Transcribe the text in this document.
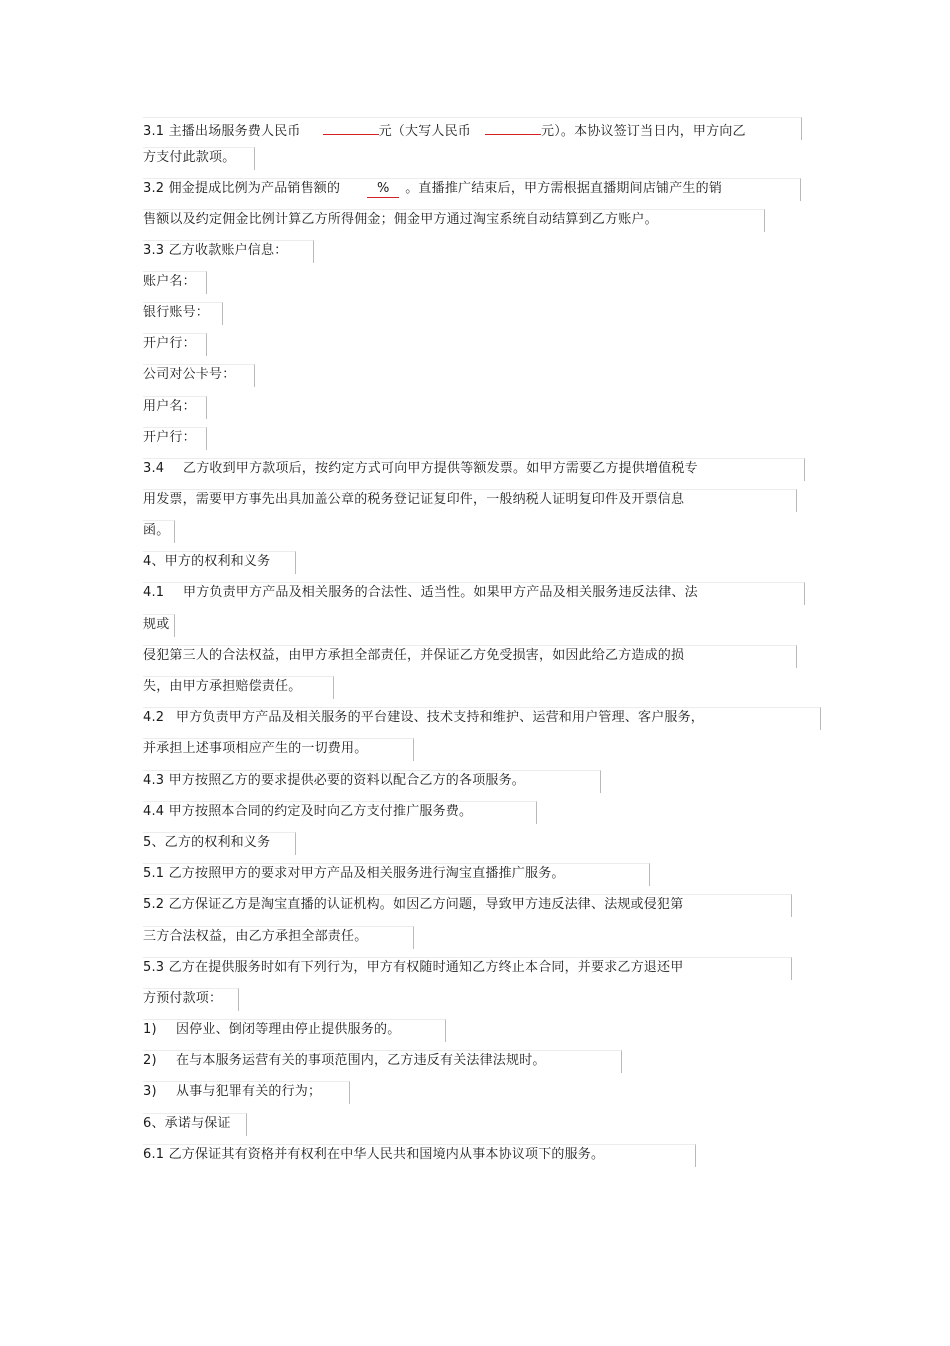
3.1 主播出场服务费人民币	元（大写人民币	元）。本协议签订当日内，甲方向乙
方支付此款项。
3.2 佣金提成比例为产品销售额的	% 。直播推广结束后，甲方需根据直播期间店铺产生的销
售额以及约定佣金比例计算乙方所得佣金；佣金甲方通过淘宝系统自动结算到乙方账户。
3.3 乙方收款账户信息：
账户名：
银行账号：
开户行：
公司对公卡号：
用户名：
开户行：
3.4 乙方收到甲方款项后，按约定方式可向甲方提供等额发票。如甲方需要乙方提供增值税专
用发票，需要甲方事先出具加盖公章的税务登记证复印件，一般纳税人证明复印件及开票信息
函。
4、甲方的权利和义务
4.1 甲方负责甲方产品及相关服务的合法性、适当性。如果甲方产品及相关服务违反法律、法
规或
侵犯第三人的合法权益，由甲方承担全部责任，并保证乙方免受损害，如因此给乙方造成的损
失，由甲方承担赔偿责任。
4.2 甲方负责甲方产品及相关服务的平台建设、技术支持和维护、运营和用户管理、客户服务，
并承担上述事项相应产生的一切费用。
4.3 甲方按照乙方的要求提供必要的资料以配合乙方的各项服务。
4.4 甲方按照本合同的约定及时向乙方支付推广服务费。
5、乙方的权利和义务
5.1 乙方按照甲方的要求对甲方产品及相关服务进行淘宝直播推广服务。
5.2 乙方保证乙方是淘宝直播的认证机构。如因乙方问题，导致甲方违反法律、法规或侵犯第
三方合法权益，由乙方承担全部责任。
5.3 乙方在提供服务时如有下列行为，甲方有权随时通知乙方终止本合同，并要求乙方退还甲
方预付款项：
1) 因停业、倒闭等理由停止提供服务的。
2) 在与本服务运营有关的事项范围内，乙方违反有关法律法规时。
3) 从事与犯罪有关的行为；
6、承诺与保证
6.1 乙方保证其有资格并有权利在中华人民共和国境内从事本协议项下的服务。
